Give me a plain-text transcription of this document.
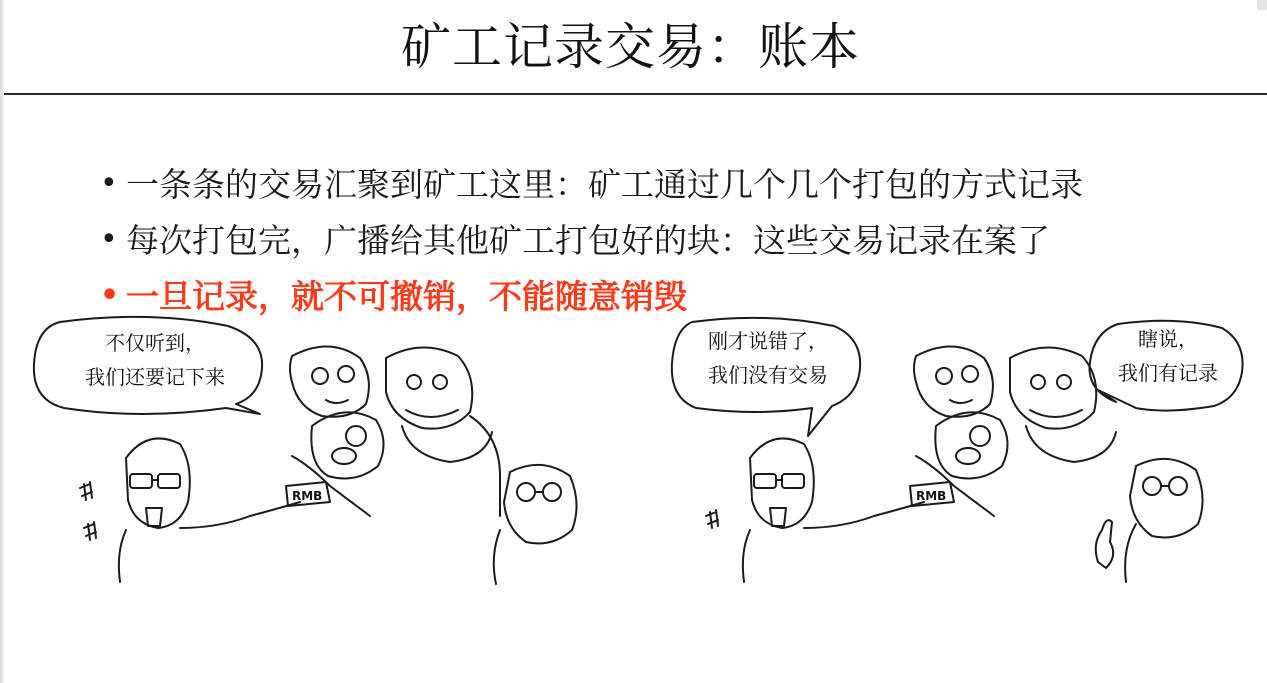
矿工记录交易：账本
• 一条条的交易汇聚到矿工这里：矿工通过几个几个打包的方式记录
• 每次打包完，广播给其他矿工打包好的块：这些交易记录在案了
• 一旦记录，就不可撤销，不能随意销毁
RMB
不仅听到，
我们还要记下来
RMB
刚才说错了，
我们没有交易
瞎说，
我们有记录
